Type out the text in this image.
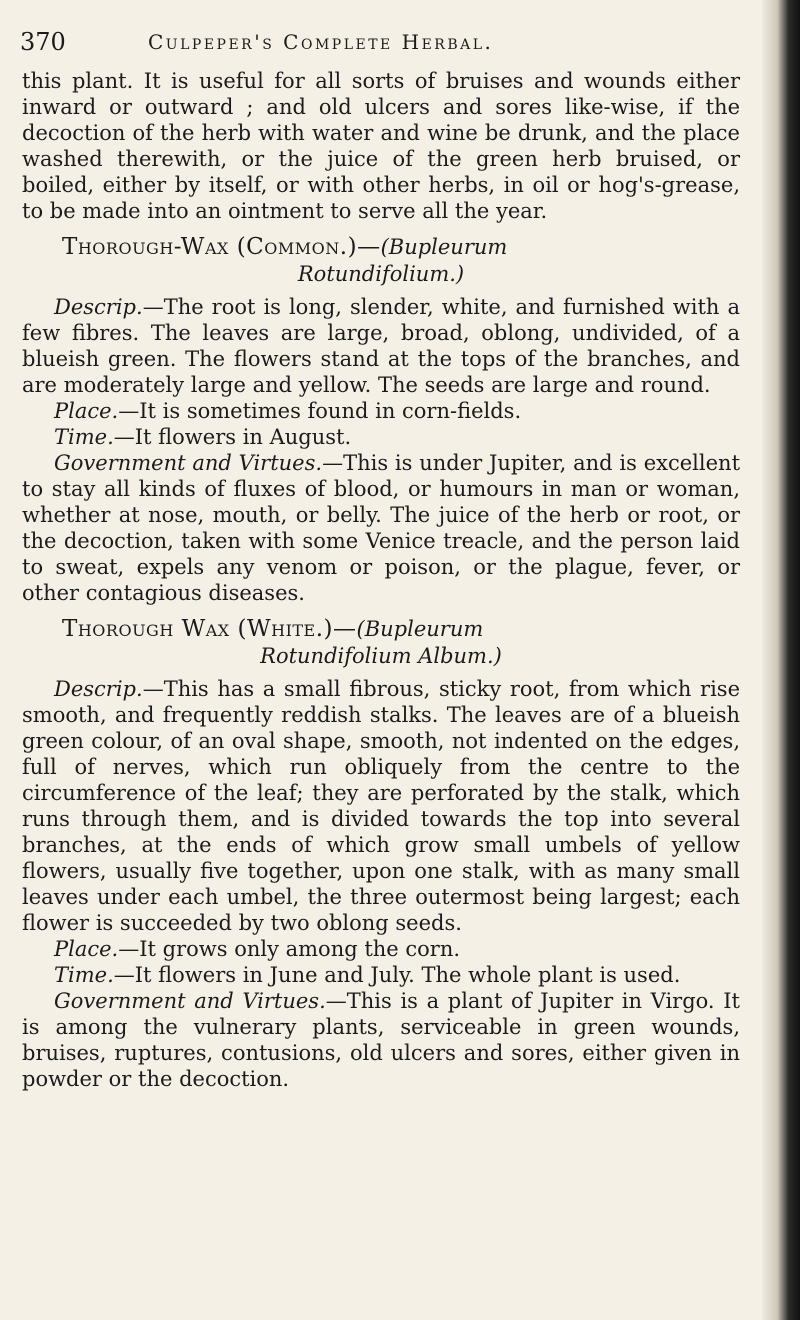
370	Culpeper's Complete Herbal.

this plant. It is useful for all sorts of bruises and wounds either inward or outward ; and old ulcers and sores like-wise, if the decoction of the herb with water and wine be drunk, and the place washed therewith, or the juice of the green herb bruised, or boiled, either by itself, or with other herbs, in oil or hog's-grease, to be made into an ointment to serve all the year.

Thorough-Wax (Common.)—(Bupleurum

Rotundifolium.)

Descrip.—The root is long, slender, white, and furnished with a few fibres. The leaves are large, broad, oblong, undivided, of a blueish green. The flowers stand at the tops of the branches, and are moderately large and yellow. The seeds are large and round.

Place.—It is sometimes found in corn-fields.

Time.—It flowers in August.

Government and Virtues.—This is under Jupiter, and is excellent to stay all kinds of fluxes of blood, or humours in man or woman, whether at nose, mouth, or belly. The juice of the herb or root, or the decoction, taken with some Venice treacle, and the person laid to sweat, expels any venom or poison, or the plague, fever, or other contagious diseases.

Thorough Wax (White.)—(Bupleurum

Rotundifolium Album.)

Descrip.—This has a small fibrous, sticky root, from which rise smooth, and frequently reddish stalks. The leaves are of a blueish green colour, of an oval shape, smooth, not indented on the edges, full of nerves, which run obliquely from the centre to the circumference of the leaf; they are perforated by the stalk, which runs through them, and is divided towards the top into several branches, at the ends of which grow small umbels of yellow flowers, usually five together, upon one stalk, with as many small leaves under each umbel, the three outermost being largest; each flower is succeeded by two oblong seeds.

Place.—It grows only among the corn.

Time.—It flowers in June and July. The whole plant is used.

Government and Virtues.—This is a plant of Jupiter in Virgo. It is among the vulnerary plants, serviceable in green wounds, bruises, ruptures, contusions, old ulcers and sores, either given in powder or the decoction.
